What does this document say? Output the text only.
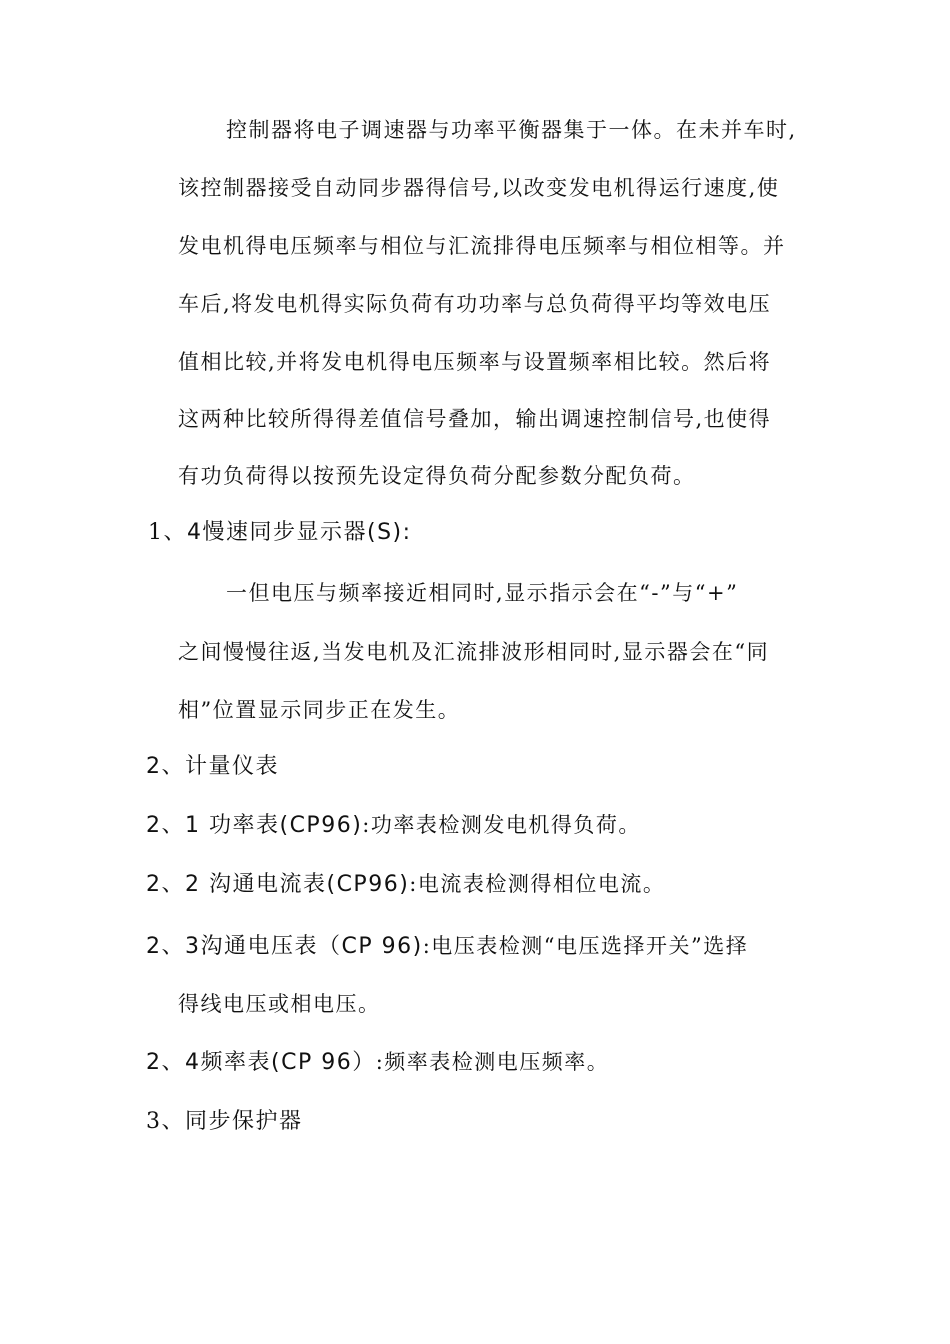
控制器将电子调速器与功率平衡器集于一体。在未并车时,
该控制器接受自动同步器得信号,以改变发电机得运行速度,使
发电机得电压频率与相位与汇流排得电压频率与相位相等。并
车后,将发电机得实际负荷有功功率与总负荷得平均等效电压
值相比较,并将发电机得电压频率与设置频率相比较。然后将
这两种比较所得得差值信号叠加，输出调速控制信号,也使得
有功负荷得以按预先设定得负荷分配参数分配负荷。
1、4慢速同步显示器(S):
一但电压与频率接近相同时,显示指示会在“-”与“+”
之间慢慢往返,当发电机及汇流排波形相同时,显示器会在“同
相”位置显示同步正在发生。
2、计量仪表
2、1 功率表(CP96):功率表检测发电机得负荷。
2、2 沟通电流表(CP96):电流表检测得相位电流。
2、3沟通电压表（CP 96):电压表检测“电压选择开关”选择
得线电压或相电压。
2、4频率表(CP 96）:频率表检测电压频率。
3、同步保护器
